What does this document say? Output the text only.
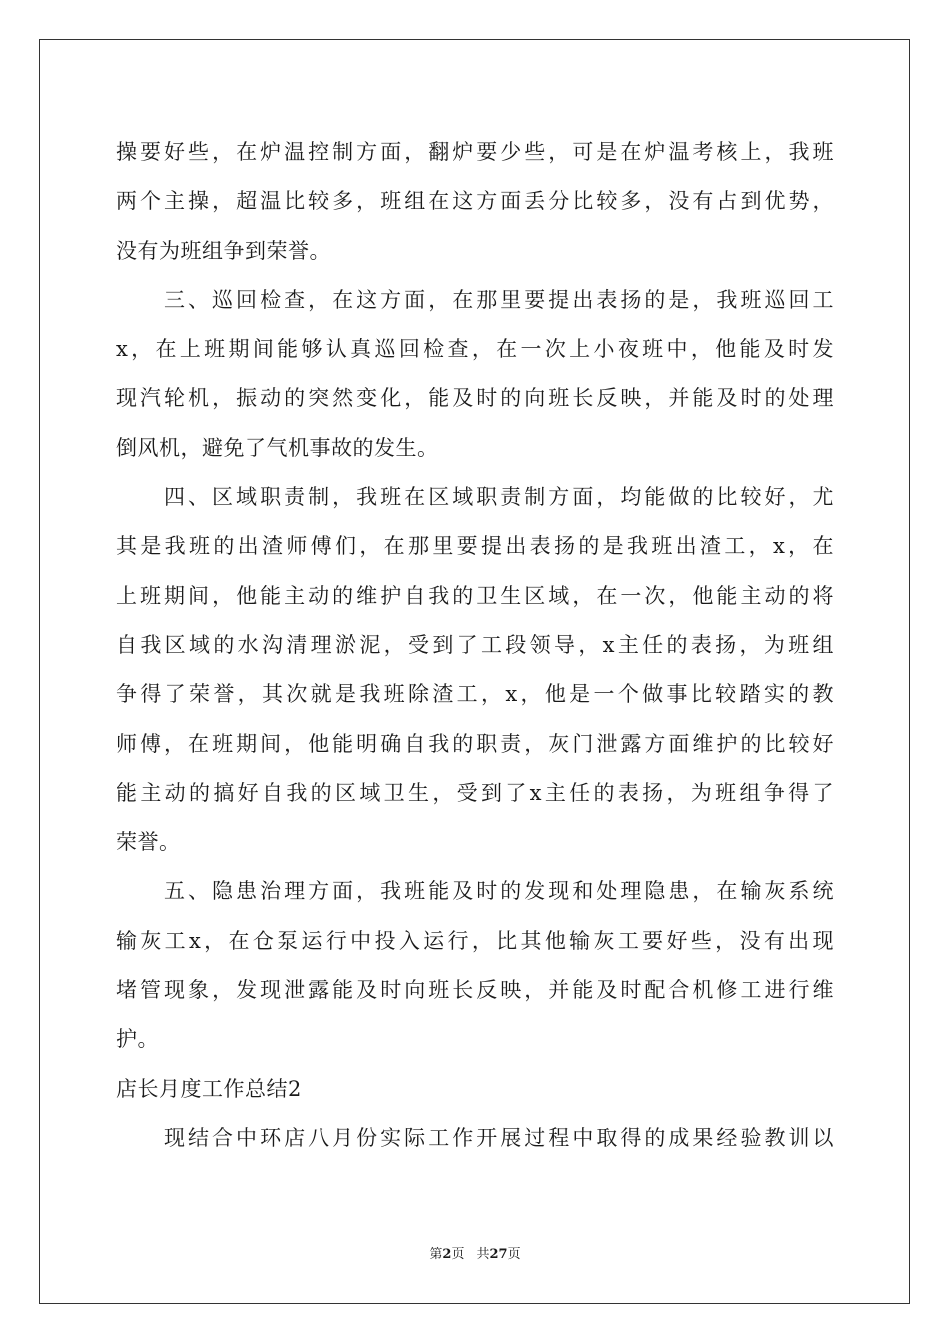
操要好些，在炉温控制方面，翻炉要少些，可是在炉温考核上，我班
两个主操，超温比较多，班组在这方面丢分比较多，没有占到优势，
没有为班组争到荣誉。
三、巡回检查，在这方面，在那里要提出表扬的是，我班巡回工
x，在上班期间能够认真巡回检查，在一次上小夜班中，他能及时发
现汽轮机，振动的突然变化，能及时的向班长反映，并能及时的处理
倒风机，避免了气机事故的发生。
四、区域职责制，我班在区域职责制方面，均能做的比较好，尤
其是我班的出渣师傅们，在那里要提出表扬的是我班出渣工，x，在
上班期间，他能主动的维护自我的卫生区域，在一次，他能主动的将
自我区域的水沟清理淤泥，受到了工段领导，x主任的表扬，为班组
争得了荣誉，其次就是我班除渣工，x，他是一个做事比较踏实的教
师傅，在班期间，他能明确自我的职责，灰门泄露方面维护的比较好
能主动的搞好自我的区域卫生，受到了x主任的表扬，为班组争得了
荣誉。
五、隐患治理方面，我班能及时的发现和处理隐患，在输灰系统
输灰工x，在仓泵运行中投入运行，比其他输灰工要好些，没有出现
堵管现象，发现泄露能及时向班长反映，并能及时配合机修工进行维
护。
店长月度工作总结2
现结合中环店八月份实际工作开展过程中取得的成果经验教训以
第2页 共27页
